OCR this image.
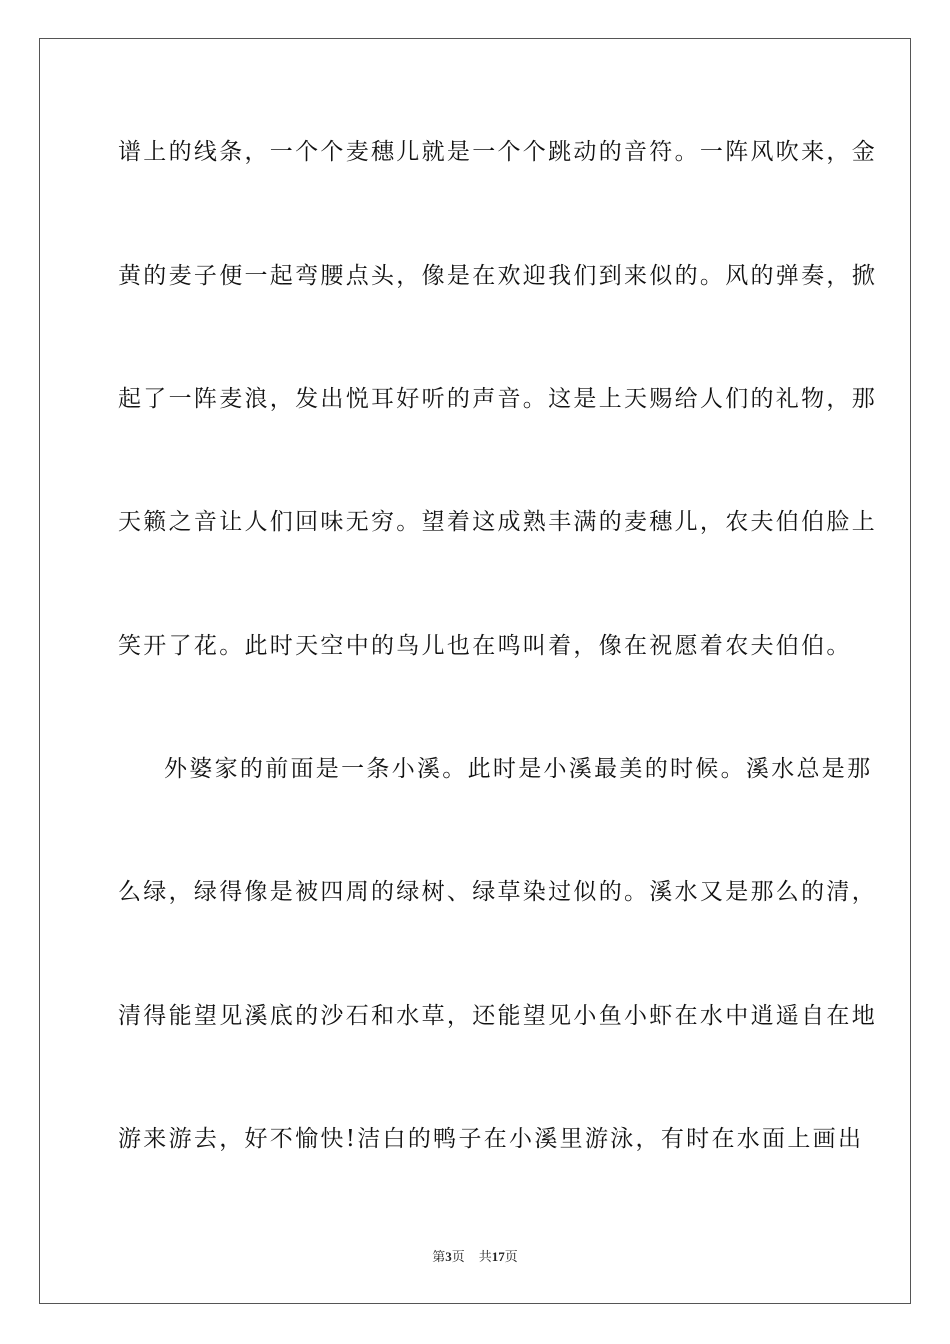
谱上的线条，一个个麦穗儿就是一个个跳动的音符。一阵风吹来，金
黄的麦子便一起弯腰点头，像是在欢迎我们到来似的。风的弹奏，掀
起了一阵麦浪，发出悦耳好听的声音。这是上天赐给人们的礼物，那
天籁之音让人们回味无穷。望着这成熟丰满的麦穗儿，农夫伯伯脸上
笑开了花。此时天空中的鸟儿也在鸣叫着，像在祝愿着农夫伯伯。
外婆家的前面是一条小溪。此时是小溪最美的时候。溪水总是那
么绿，绿得像是被四周的绿树、绿草染过似的。溪水又是那么的清，
清得能望见溪底的沙石和水草，还能望见小鱼小虾在水中逍遥自在地
游来游去，好不愉快!洁白的鸭子在小溪里游泳，有时在水面上画出
第3页 共17页
